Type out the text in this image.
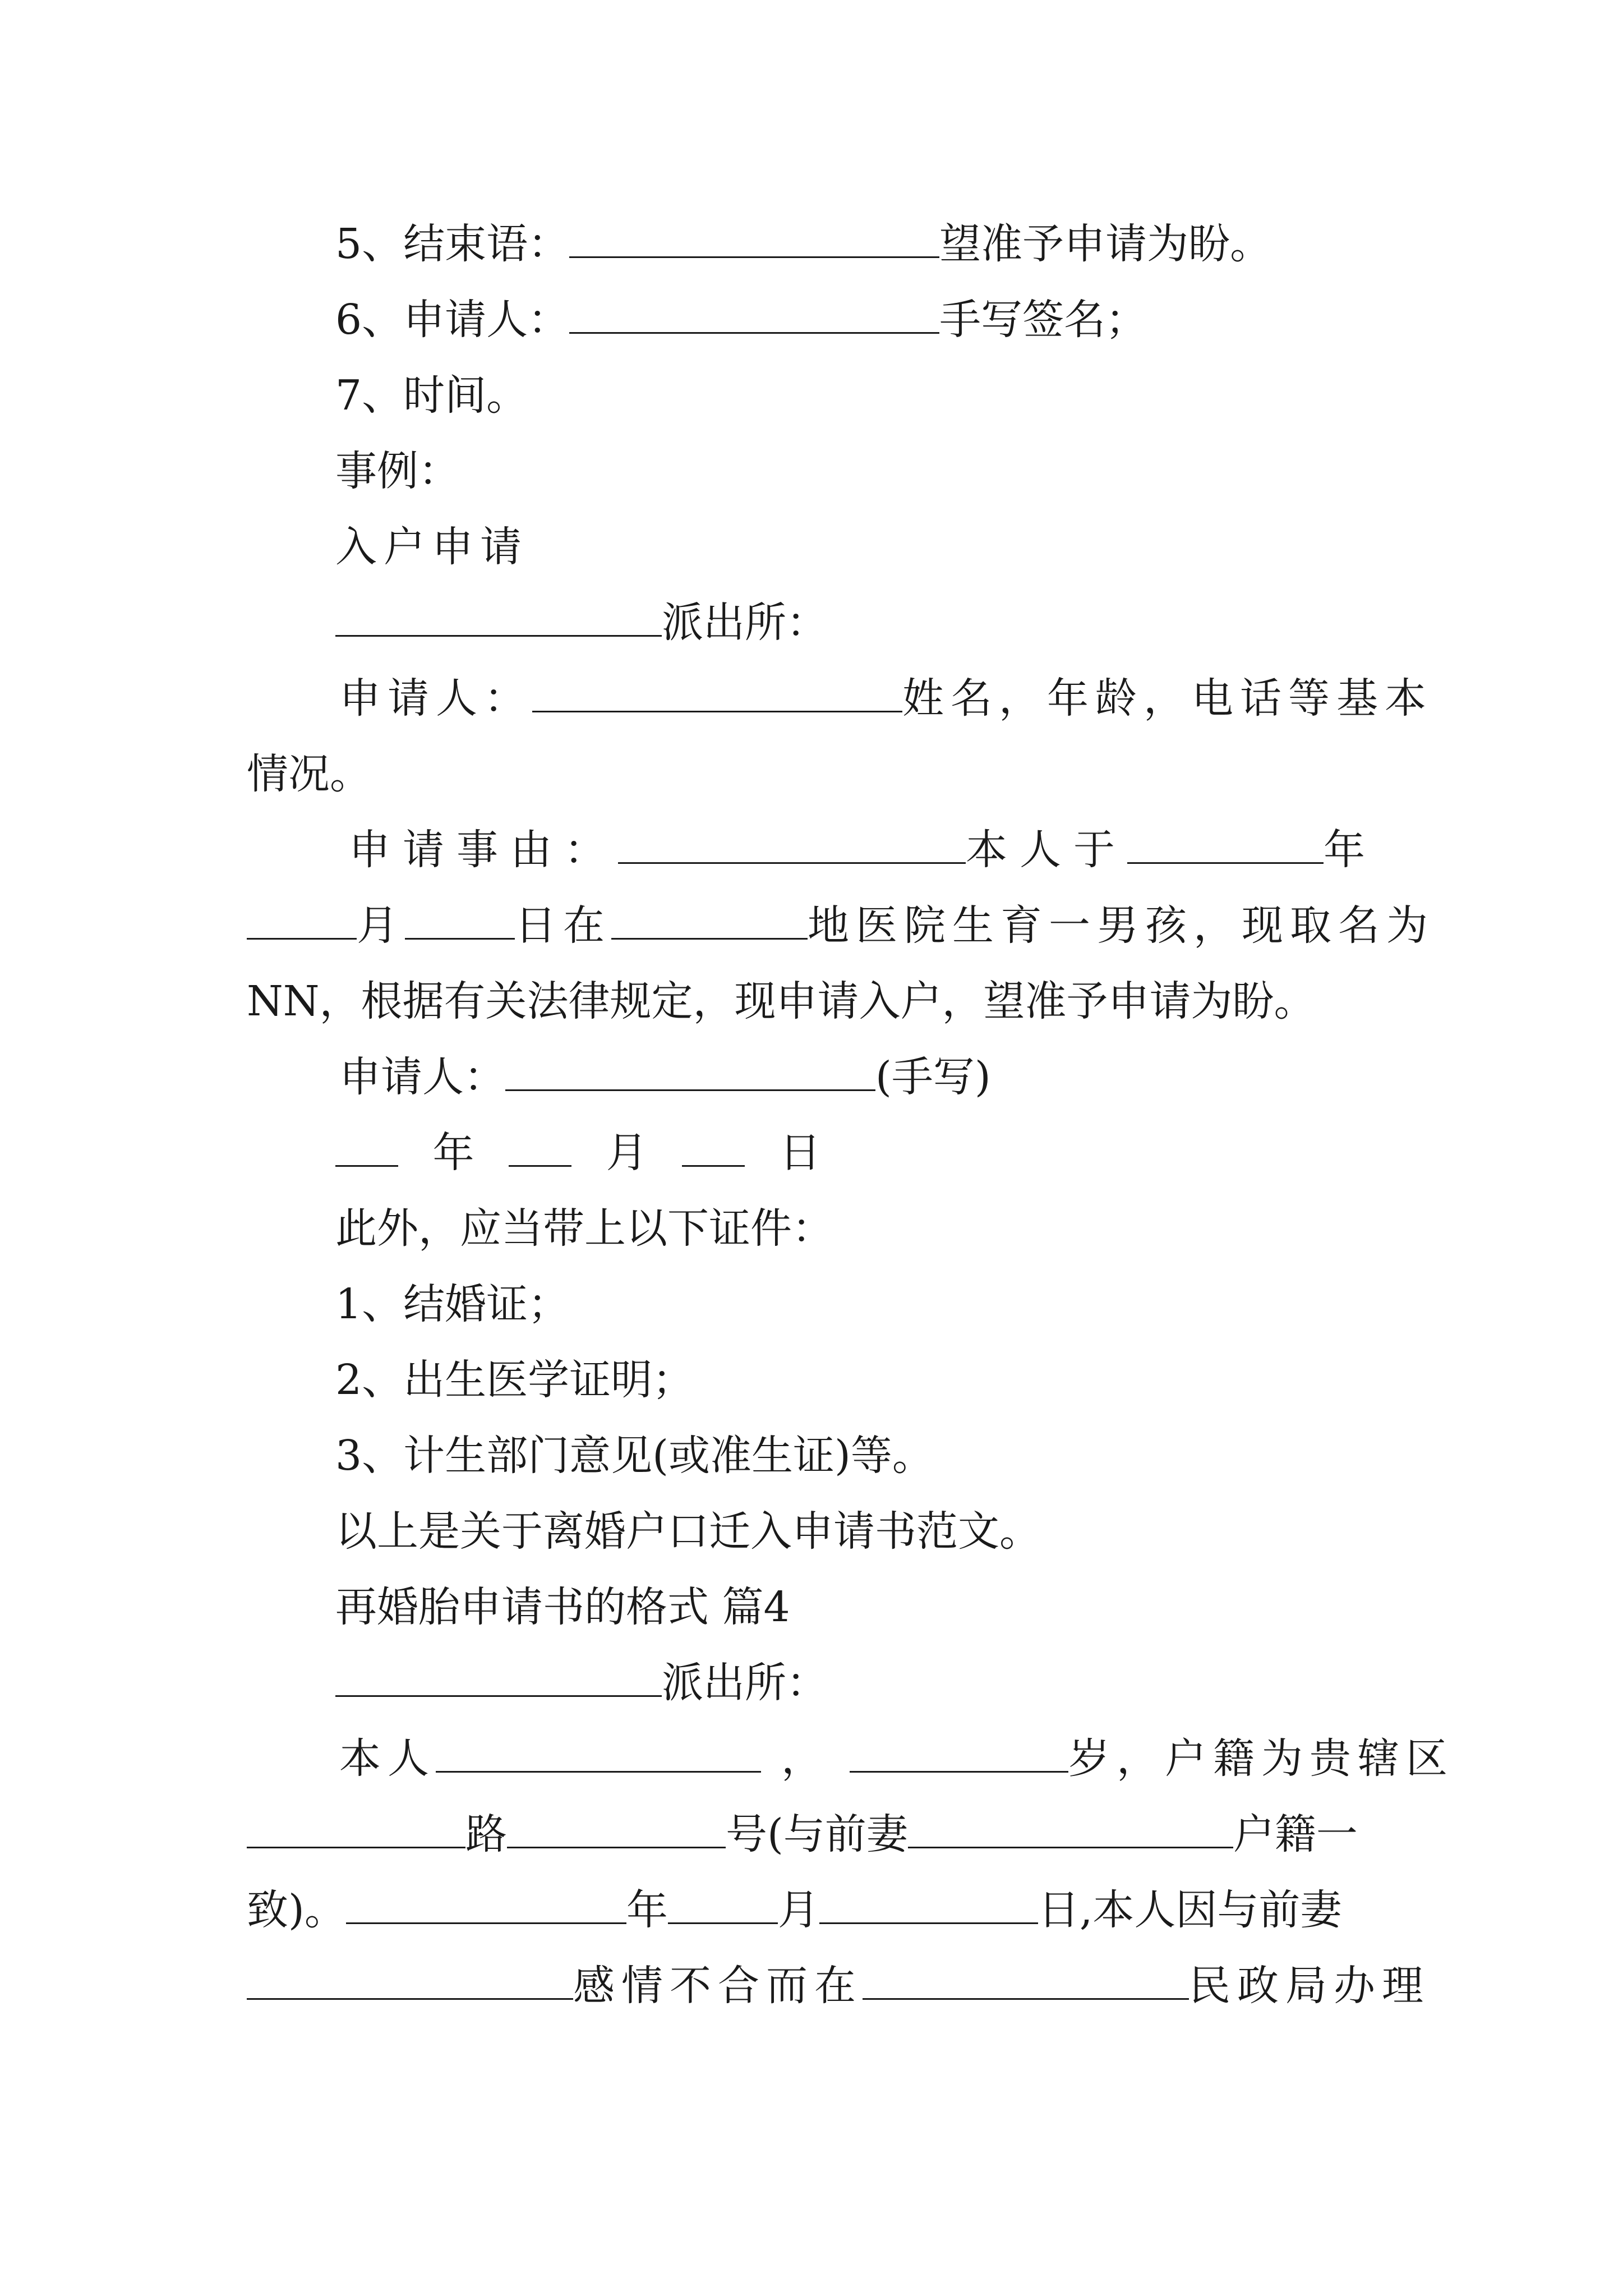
5、结束语：	望准予申请为盼。
6、申请人：	手写签名；
7、时间。
事例：
入户申请
派出所：
申请人：	姓名，年龄，电话等基本
情况。
申请事由：	本人于	年
月	日在	地医院生育一男孩，现取名为
NN，根据有关法律规定，现申请入户，望准予申请为盼。
申请人：	(手写)
年	月	日
此外，应当带上以下证件：
1、结婚证；
2、出生医学证明；
3、计生部门意见(或准生证)等。
以上是关于离婚户口迁入申请书范文。
再婚胎申请书的格式 篇4
派出所：
本人	，	岁，户籍为贵辖区
路	号(与前妻	户籍一
致)。	年	月	日,本人因与前妻
感情不合而在	民政局办理
